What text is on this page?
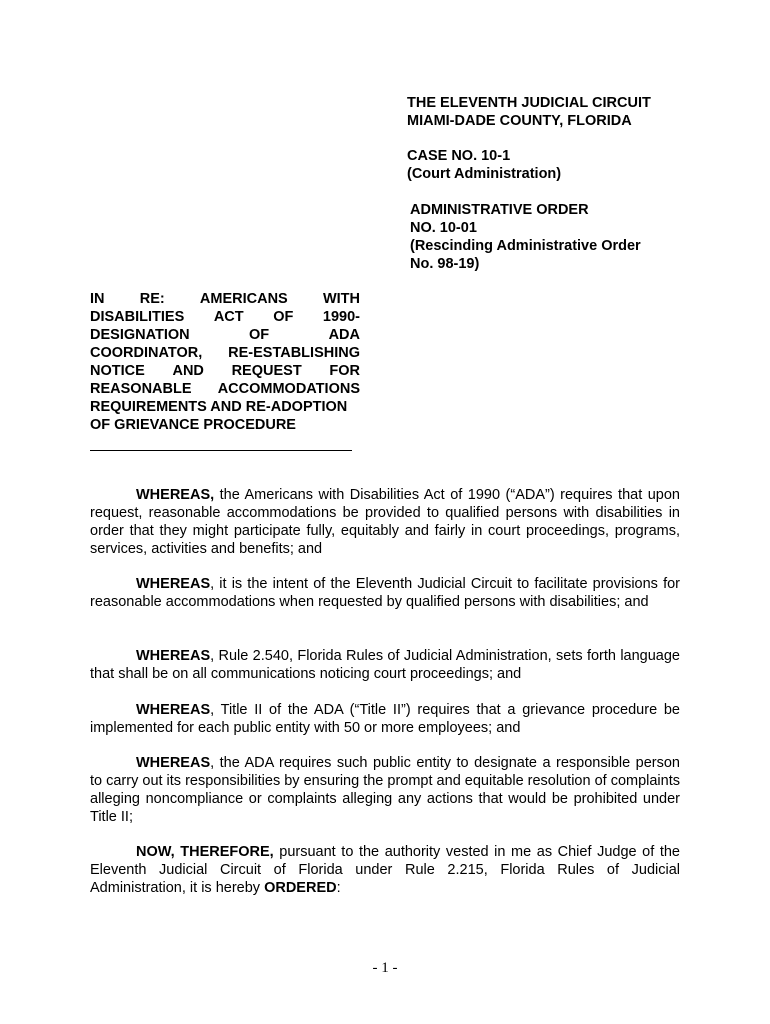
THE ELEVENTH JUDICIAL CIRCUIT
MIAMI-DADE COUNTY, FLORIDA
CASE NO. 10-1
(Court Administration)
ADMINISTRATIVE ORDER
NO. 10-01
(Rescinding Administrative Order
No. 98-19)
IN RE: AMERICANS WITH
DISABILITIES ACT OF 1990-
DESIGNATION	OF	ADA
COORDINATOR, RE-ESTABLISHING
NOTICE AND REQUEST FOR
REASONABLE ACCOMMODATIONS
REQUIREMENTS AND RE-ADOPTION
OF GRIEVANCE PROCEDURE
WHEREAS, the Americans with Disabilities Act of 1990 (“ADA”) requires that upon request, reasonable accommodations be provided to qualified persons with disabilities in order that they might participate fully, equitably and fairly in court proceedings, programs, services, activities and benefits; and
WHEREAS, it is the intent of the Eleventh Judicial Circuit to facilitate provisions for reasonable accommodations when requested by qualified persons with disabilities; and
WHEREAS, Rule 2.540, Florida Rules of Judicial Administration, sets forth language that shall be on all communications noticing court proceedings; and
WHEREAS, Title II of the ADA (“Title II”) requires that a grievance procedure be implemented for each public entity with 50 or more employees; and
WHEREAS, the ADA requires such public entity to designate a responsible person to carry out its responsibilities by ensuring the prompt and equitable resolution of complaints alleging noncompliance or complaints alleging any actions that would be prohibited under Title II;
NOW, THEREFORE, pursuant to the authority vested in me as Chief Judge of the Eleventh Judicial Circuit of Florida under Rule 2.215, Florida Rules of Judicial Administration, it is hereby ORDERED:
- 1 -
